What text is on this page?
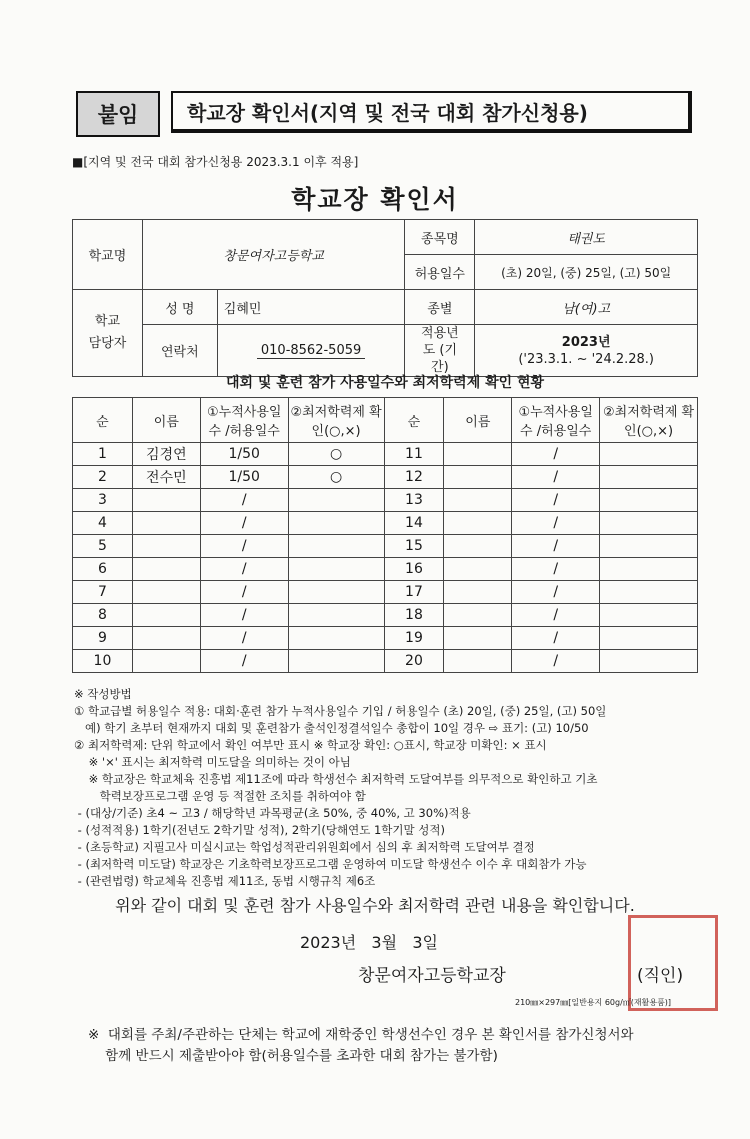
붙임	학교장 확인서(지역 및 전국 대회 참가신청용)
■[지역 및 전국 대회 참가신청용 2023.3.1 이후 적용]
학교장 확인서
학교명	창문여자고등학교		종목명	태권도
			허용일수	(초) 20일, (중) 25일, (고) 50일
학교 담당자	성 명	김혜민	종별	남(여)고
	연락처	010-8562-5059	적용년도 (기간)	2023년
('23.3.1. ~ '24.2.28.)
대회 및 훈련 참가 사용일수와 최저학력제 확인 현황
순	이름	①누적사용일수 /허용일수	②최저학력제 확인(○,×)	순	이름	①누적사용일수 /허용일수	②최저학력제 확인(○,×)
1	김경연	1/50	○	11		/	
2	전수민	1/50	○	12		/	
3		/		13		/	
4		/		14		/	
5		/		15		/	
6		/		16		/	
7		/		17		/	
8		/		18		/	
9		/		19		/	
10		/		20		/	
※ 작성방법
① 학교급별 허용일수 적용: 대회·훈련 참가 누적사용일수 기입 / 허용일수 (초) 20일, (중) 25일, (고) 50일
예) 학기 초부터 현재까지 대회 및 훈련참가 출석인정결석일수 총합이 10일 경우 ⇨ 표기: (고) 10/50
② 최저학력제: 단위 학교에서 확인 여부만 표시 ※ 학교장 확인: ○표시, 학교장 미확인: × 표시
※ '×' 표시는 최저학력 미도달을 의미하는 것이 아님
※ 학교장은 학교체육 진흥법 제11조에 따라 학생선수 최저학력 도달여부를 의무적으로 확인하고 기초
학력보장프로그램 운영 등 적절한 조치를 취하여야 함
- (대상/기준) 초4 ~ 고3 / 해당학년 과목평균(초 50%, 중 40%, 고 30%)적용
- (성적적용) 1학기(전년도 2학기말 성적), 2학기(당해연도 1학기말 성적)
- (초등학교) 지필고사 미실시교는 학업성적관리위원회에서 심의 후 최저학력 도달여부 결정
- (최저학력 미도달) 학교장은 기초학력보장프로그램 운영하여 미도달 학생선수 이수 후 대회참가 가능
- (관련법령) 학교체육 진흥법 제11조, 동법 시행규칙 제6조
위와 같이 대회 및 훈련 참가 사용일수와 최저학력 관련 내용을 확인합니다.
2023년   3월   3일
창문여자고등학교장	(직인)
210㎜×297㎜[일반용지 60g/㎡(재활용품)]
※  대회를 주최/주관하는 단체는 학교에 재학중인 학생선수인 경우 본 확인서를 참가신청서와
함께 반드시 제출받아야 함(허용일수를 초과한 대회 참가는 불가함)
